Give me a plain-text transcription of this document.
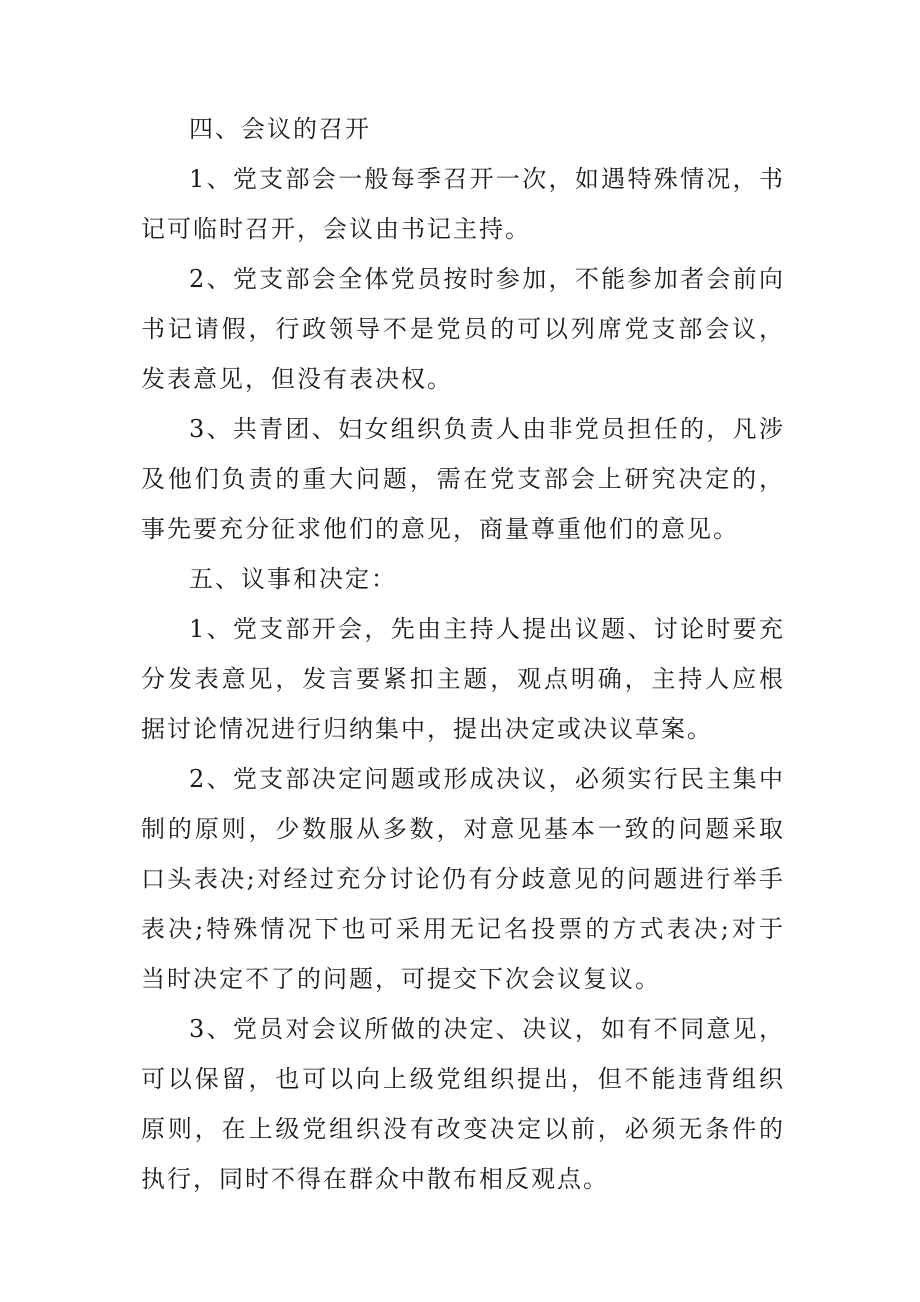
四、会议的召开

1、党支部会一般每季召开一次，如遇特殊情况，书记可临时召开，会议由书记主持。

2、党支部会全体党员按时参加，不能参加者会前向书记请假，行政领导不是党员的可以列席党支部会议，发表意见，但没有表决权。

3、共青团、妇女组织负责人由非党员担任的，凡涉及他们负责的重大问题，需在党支部会上研究决定的，事先要充分征求他们的意见，商量尊重他们的意见。

五、议事和决定：

1、党支部开会，先由主持人提出议题、讨论时要充分发表意见，发言要紧扣主题，观点明确，主持人应根据讨论情况进行归纳集中，提出决定或决议草案。

2、党支部决定问题或形成决议，必须实行民主集中制的原则，少数服从多数，对意见基本一致的问题采取口头表决;对经过充分讨论仍有分歧意见的问题进行举手表决;特殊情况下也可采用无记名投票的方式表决;对于当时决定不了的问题，可提交下次会议复议。

3、党员对会议所做的决定、决议，如有不同意见，可以保留，也可以向上级党组织提出，但不能违背组织原则，在上级党组织没有改变决定以前，必须无条件的执行，同时不得在群众中散布相反观点。
